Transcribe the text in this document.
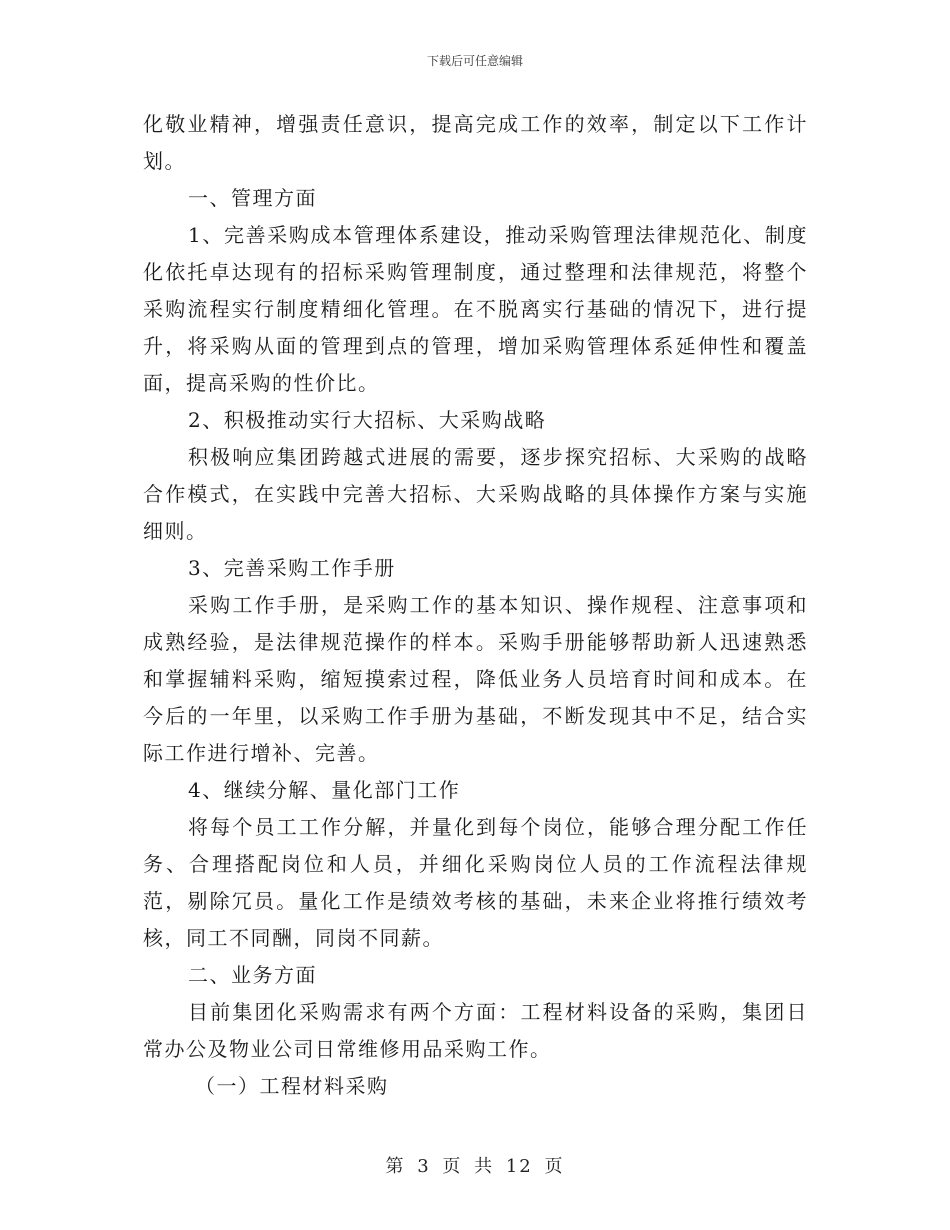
下载后可任意编辑

化敬业精神，增强责任意识，提高完成工作的效率，制定以下工作计划。

一、管理方面

1、完善采购成本管理体系建设，推动采购管理法律规范化、制度化依托卓达现有的招标采购管理制度，通过整理和法律规范，将整个采购流程实行制度精细化管理。在不脱离实行基础的情况下，进行提升，将采购从面的管理到点的管理，增加采购管理体系延伸性和覆盖面，提高采购的性价比。

2、积极推动实行大招标、大采购战略

积极响应集团跨越式进展的需要，逐步探究招标、大采购的战略合作模式，在实践中完善大招标、大采购战略的具体操作方案与实施细则。

3、完善采购工作手册

采购工作手册，是采购工作的基本知识、操作规程、注意事项和成熟经验，是法律规范操作的样本。采购手册能够帮助新人迅速熟悉和掌握辅料采购，缩短摸索过程，降低业务人员培育时间和成本。在今后的一年里，以采购工作手册为基础，不断发现其中不足，结合实际工作进行增补、完善。

4、继续分解、量化部门工作

将每个员工工作分解，并量化到每个岗位，能够合理分配工作任务、合理搭配岗位和人员，并细化采购岗位人员的工作流程法律规范，剔除冗员。量化工作是绩效考核的基础，未来企业将推行绩效考核，同工不同酬，同岗不同薪。

二、业务方面

目前集团化采购需求有两个方面：工程材料设备的采购，集团日常办公及物业公司日常维修用品采购工作。

（一）工程材料采购

第 3 页 共 12 页
